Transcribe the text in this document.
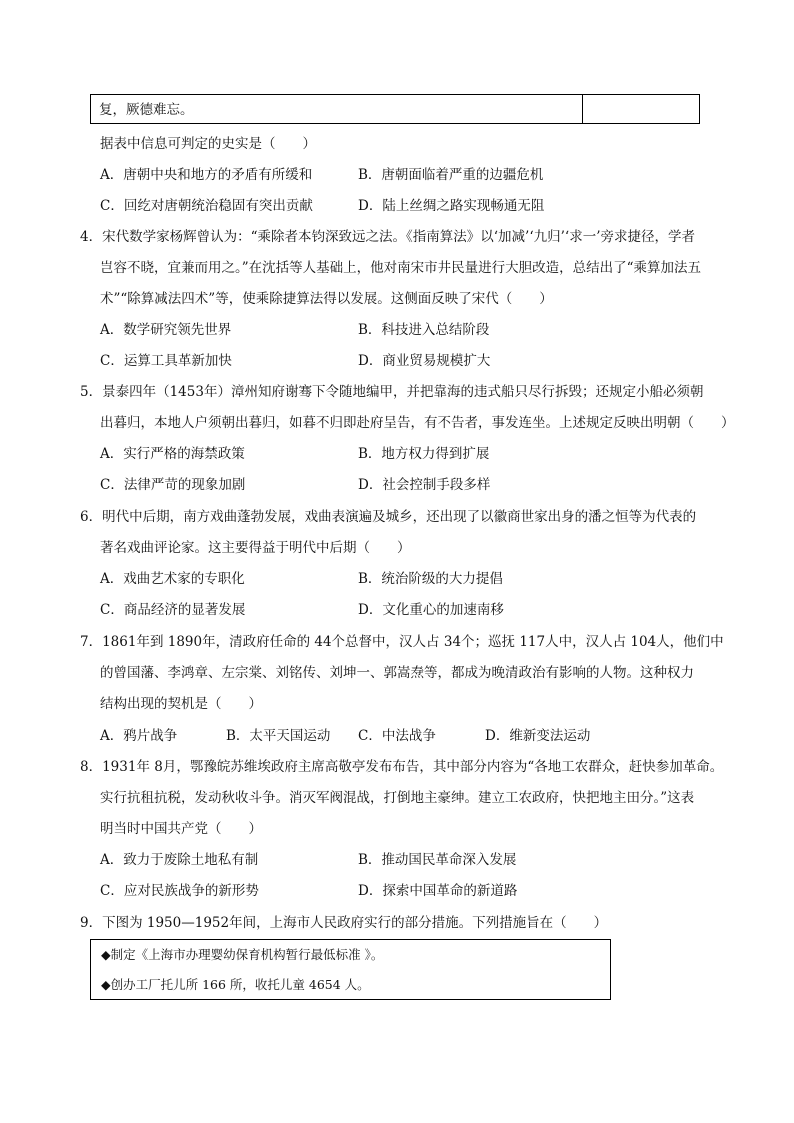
复，厥德难忘。
据表中信息可判定的史实是（　　）
A．唐朝中央和地方的矛盾有所缓和	B．唐朝面临着严重的边疆危机
C．回纥对唐朝统治稳固有突出贡献	D．陆上丝绸之路实现畅通无阻
4．宋代数学家杨辉曾认为：“乘除者本钧深致远之法。《指南算法》以‘加减’‘九归’‘求一’旁求捷径，学者
岂容不晓，宜兼而用之。”在沈括等人基础上，他对南宋市井民量进行大胆改造，总结出了“乘算加法五
术”“除算减法四术”等，使乘除捷算法得以发展。这侧面反映了宋代（　　）
A．数学研究领先世界	B．科技进入总结阶段
C．运算工具革新加快	D．商业贸易规模扩大
5．景泰四年（1453年）漳州知府谢骞下令随地编甲，并把靠海的违式船只尽行拆毁；还规定小船必须朝
出暮归，本地人户须朝出暮归，如暮不归即赴府呈告，有不告者，事发连坐。上述规定反映出明朝（　　）
A．实行严格的海禁政策	B．地方权力得到扩展
C．法律严苛的现象加剧	D．社会控制手段多样
6．明代中后期，南方戏曲蓬勃发展，戏曲表演遍及城乡，还出现了以徽商世家出身的潘之恒等为代表的
著名戏曲评论家。这主要得益于明代中后期（　　）
A．戏曲艺术家的专职化	B．统治阶级的大力提倡
C．商品经济的显著发展	D．文化重心的加速南移
7．1861年到 1890年，清政府任命的 44个总督中，汉人占 34个；巡抚 117人中，汉人占 104人，他们中
的曾国藩、李鸿章、左宗棠、刘铭传、刘坤一、郭嵩焘等，都成为晚清政治有影响的人物。这种权力
结构出现的契机是（　　）
A．鸦片战争	B．太平天国运动 C．中法战争	D．维新变法运动
8．1931年 8月，鄂豫皖苏维埃政府主席高敬亭发布布告，其中部分内容为“各地工农群众，赶快参加革命。
实行抗租抗税，发动秋收斗争。消灭军阀混战，打倒地主豪绅。建立工农政府，快把地主田分。”这表
明当时中国共产党（　　）
A．致力于废除土地私有制	B．推动国民革命深入发展
C．应对民族战争的新形势	D．探索中国革命的新道路
9．下图为 1950—1952年间，上海市人民政府实行的部分措施。下列措施旨在（　　）
◆制定《上海市办理婴幼保育机构暂行最低标准 》。
◆创办工厂托儿所 166 所，收托儿童 4654 人。
